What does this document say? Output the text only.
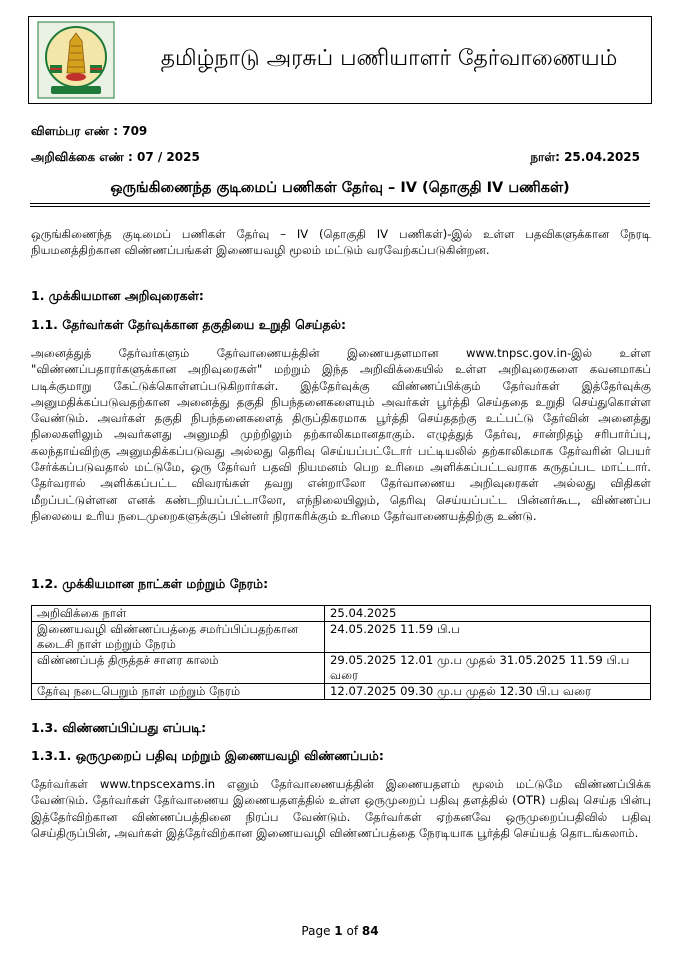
தமிழ்நாடு அரசுப் பணியாளர் தேர்வாணையம்
விளம்பர எண் : 709
அறிவிக்கை எண் : 07 / 2025	நாள்: 25.04.2025
ஒருங்கிணைந்த குடிமைப் பணிகள் தேர்வு – IV (தொகுதி IV பணிகள்)
ஒருங்கிணைந்த குடிமைப் பணிகள் தேர்வு – IV (தொகுதி IV பணிகள்)-இல் உள்ள பதவிகளுக்கான நேரடி நியமனத்திற்கான விண்ணப்பங்கள் இணையவழி மூலம் மட்டும் வரவேற்கப்படுகின்றன.
1. முக்கியமான அறிவுரைகள்:
1.1. தேர்வர்கள் தேர்வுக்கான தகுதியை உறுதி செய்தல்:
அனைத்துத் தேர்வர்களும் தேர்வாணையத்தின் இணையதளமான www.tnpsc.gov.in-இல் உள்ள "விண்ணப்பதாரர்களுக்கான அறிவுரைகள்" மற்றும் இந்த அறிவிக்கையில் உள்ள அறிவுரைகளை கவனமாகப் படிக்குமாறு கேட்டுக்கொள்ளப்படுகிறார்கள். இத்தேர்வுக்கு விண்ணப்பிக்கும் தேர்வர்கள் இத்தேர்வுக்கு அனுமதிக்கப்படுவதற்கான அனைத்து தகுதி நிபந்தனைகளையும் அவர்கள் பூர்த்தி செய்ததை உறுதி செய்துகொள்ள வேண்டும். அவர்கள் தகுதி நிபந்தனைகளைத் திருப்திகரமாக பூர்த்தி செய்ததற்கு உட்பட்டு தேர்வின் அனைத்து நிலைகளிலும் அவர்களது அனுமதி முற்றிலும் தற்காலிகமானதாகும். எழுத்துத் தேர்வு, சான்றிதழ் சரிபார்ப்பு, கலந்தாய்விற்கு அனுமதிக்கப்படுவது அல்லது தெரிவு செய்யப்பட்டோர் பட்டியலில் தற்காலிகமாக தேர்வரின் பெயர் சேர்க்கப்படுவதால் மட்டுமே, ஒரு தேர்வர் பதவி நியமனம் பெற உரிமை அளிக்கப்பட்டவராக கருதப்பட மாட்டார். தேர்வரால் அளிக்கப்பட்ட விவரங்கள் தவறு என்றாலோ தேர்வாணைய அறிவுரைகள் அல்லது விதிகள் மீறப்பட்டுள்ளன எனக் கண்டறியப்பட்டாலோ, எந்நிலையிலும், தெரிவு செய்யப்பட்ட பின்னர்கூட, விண்ணப்ப நிலையை உரிய நடைமுறைகளுக்குப் பின்னர் நிராகரிக்கும் உரிமை தேர்வாணையத்திற்கு உண்டு.
1.2. முக்கியமான நாட்கள் மற்றும் நேரம்:
அறிவிக்கை நாள்	25.04.2025
இணையவழி விண்ணப்பத்தை சமர்ப்பிப்பதற்கான கடைசி நாள் மற்றும் நேரம்	24.05.2025 11.59 பி.ப
விண்ணப்பத் திருத்தச் சாளர காலம்	29.05.2025 12.01 மு.ப முதல் 31.05.2025 11.59 பி.ப வரை
தேர்வு நடைபெறும் நாள் மற்றும் நேரம்	12.07.2025 09.30 மு.ப முதல் 12.30 பி.ப வரை
1.3. விண்ணப்பிப்பது எப்படி:
1.3.1. ஒருமுறைப் பதிவு மற்றும் இணையவழி விண்ணப்பம்:
தேர்வர்கள் www.tnpscexams.in எனும் தேர்வாணையத்தின் இணையதளம் மூலம் மட்டுமே விண்ணப்பிக்க வேண்டும். தேர்வர்கள் தேர்வாணைய இணையதளத்தில் உள்ள ஒருமுறைப் பதிவு தளத்தில் (OTR) பதிவு செய்த பின்பு இத்தேர்விற்கான விண்ணப்பத்தினை நிரப்ப வேண்டும். தேர்வர்கள் ஏற்கனவே ஒருமுறைப்பதிவில் பதிவு செய்திருப்பின், அவர்கள் இத்தேர்விற்கான இணையவழி விண்ணப்பத்தை நேரடியாக பூர்த்தி செய்யத் தொடங்கலாம்.
Page 1 of 84
